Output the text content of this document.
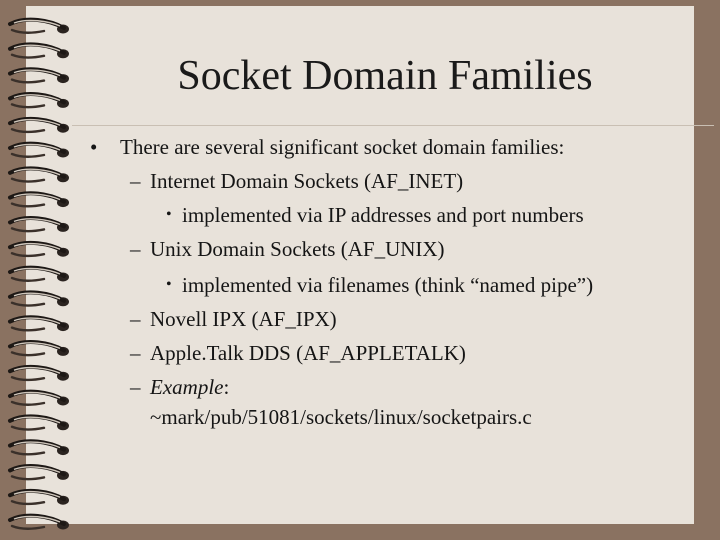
Socket Domain Families
• There are several significant socket domain families:
– Internet Domain Sockets (AF_INET)
• implemented via IP addresses and port numbers
– Unix Domain Sockets (AF_UNIX)
• implemented via filenames (think “named pipe”)
– Novell IPX (AF_IPX)
– Apple.Talk DDS (AF_APPLETALK)
– Example:
~mark/pub/51081/sockets/linux/socketpairs.c
